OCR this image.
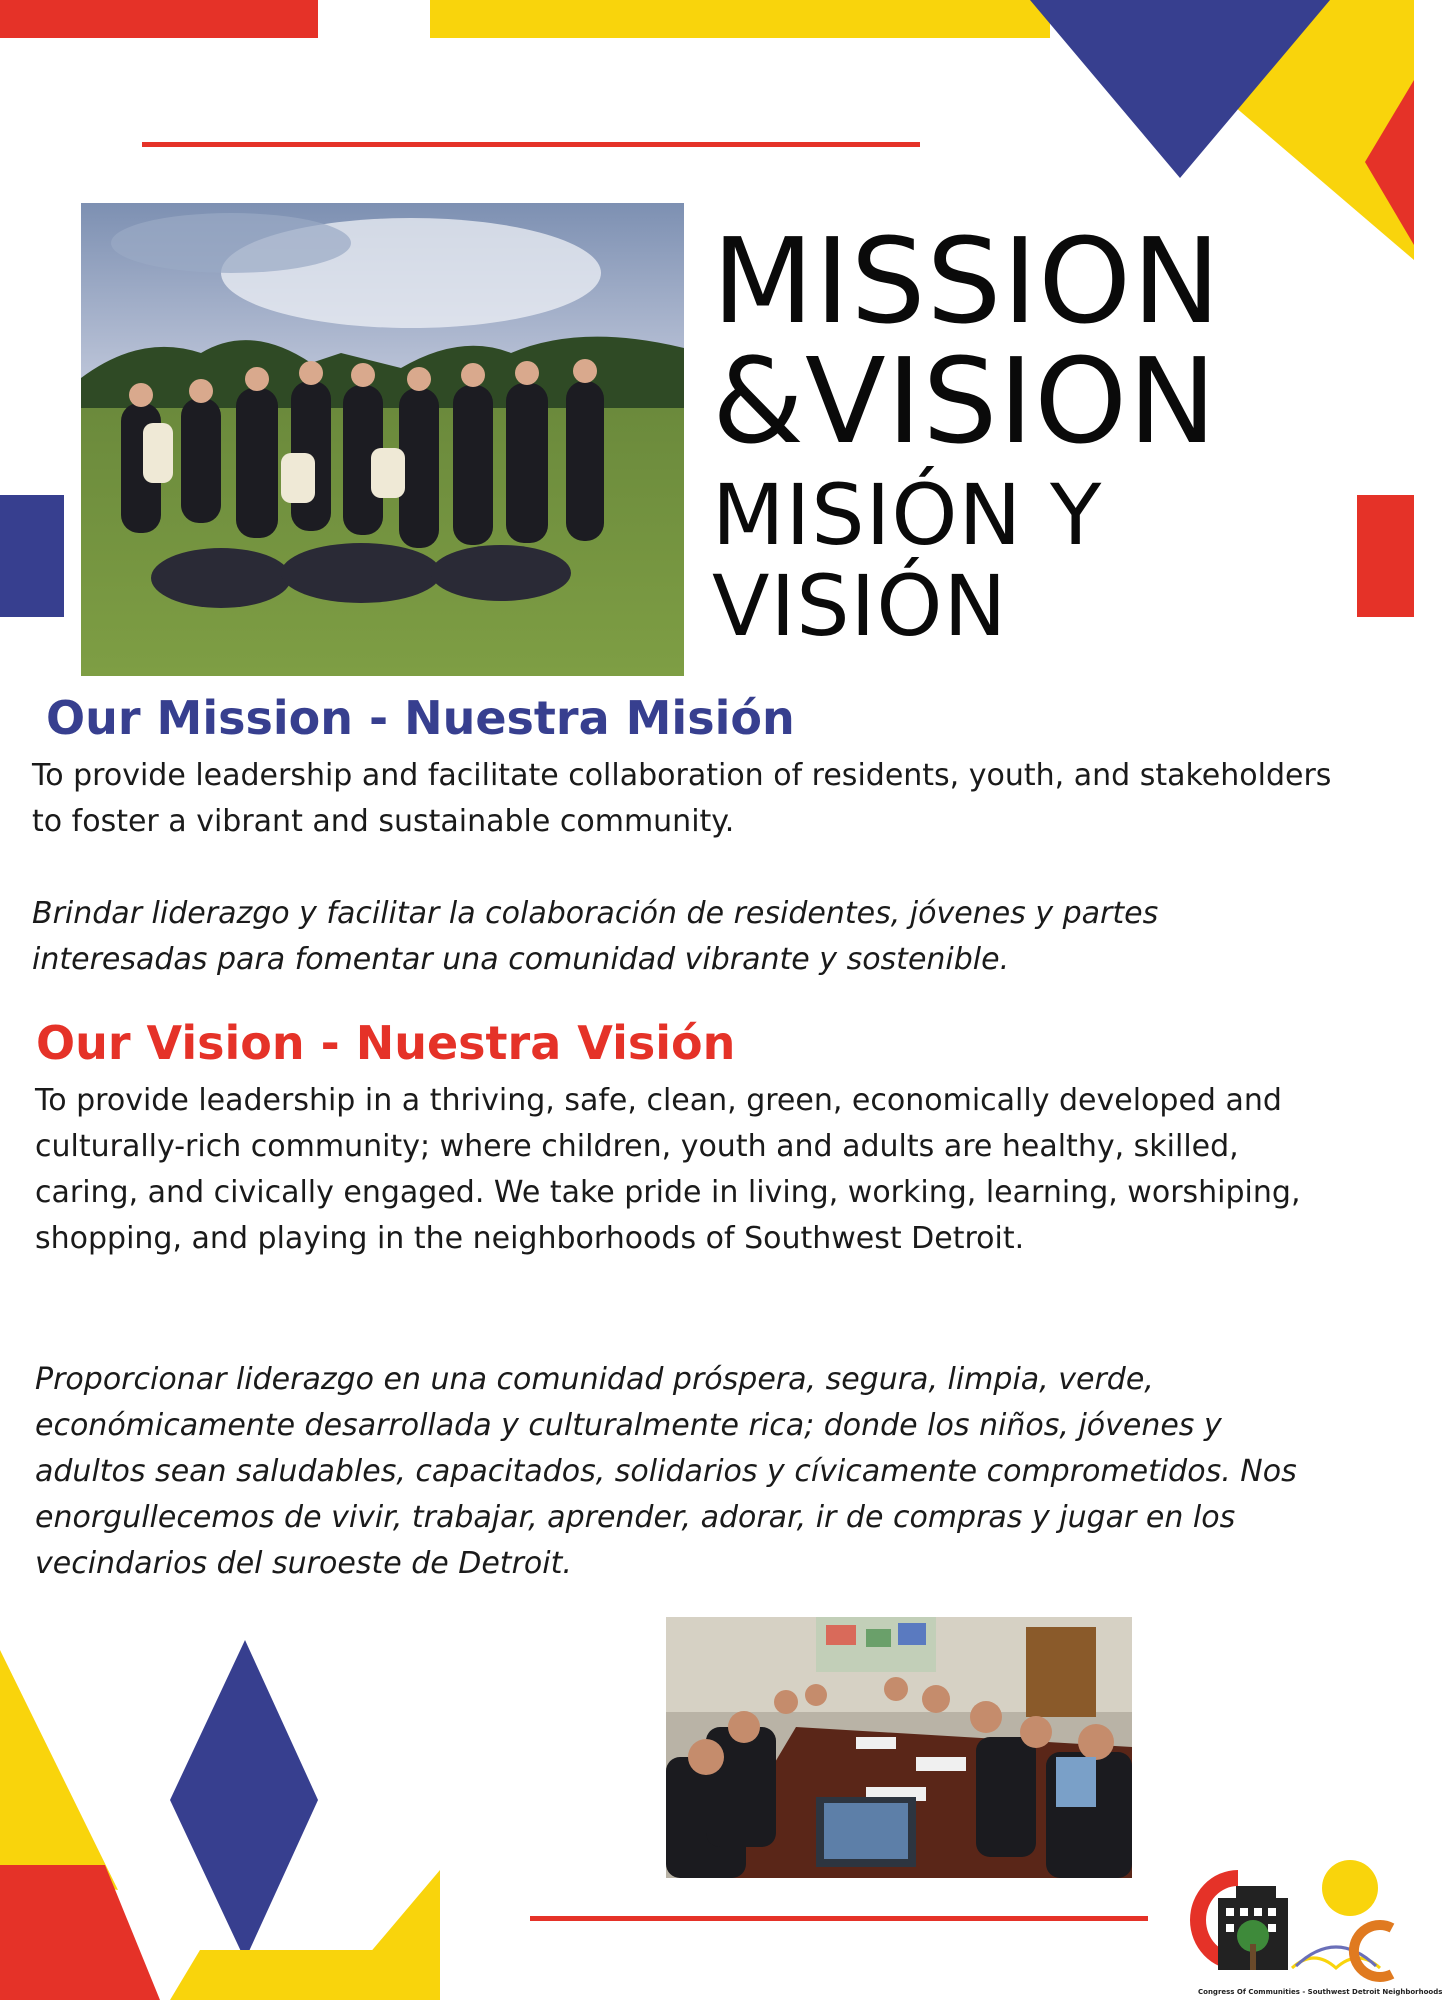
MISSION
&VISION
MISIÓN Y
VISIÓN
Our Mission - Nuestra Misión

To provide leadership and facilitate collaboration of residents, youth, and stakeholders to foster a vibrant and sustainable community.

Brindar liderazgo y facilitar la colaboración de residentes, jóvenes y partes interesadas para fomentar una comunidad vibrante y sostenible.

Our Vision - Nuestra Visión

To provide leadership in a thriving, safe, clean, green, economically developed and culturally-rich community; where children, youth and adults are healthy, skilled, caring, and civically engaged. We take pride in living, working, learning, worshiping, shopping, and playing in the neighborhoods of Southwest Detroit.

Proporcionar liderazgo en una comunidad próspera, segura, limpia, verde, económicamente desarrollada y culturalmente rica; donde los niños, jóvenes y adultos sean saludables, capacitados, solidarios y cívicamente comprometidos. Nos enorgullecemos de vivir, trabajar, aprender, adorar, ir de compras y jugar en los vecindarios del suroeste de Detroit.

Congress Of Communities - Southwest Detroit Neighborhoods
